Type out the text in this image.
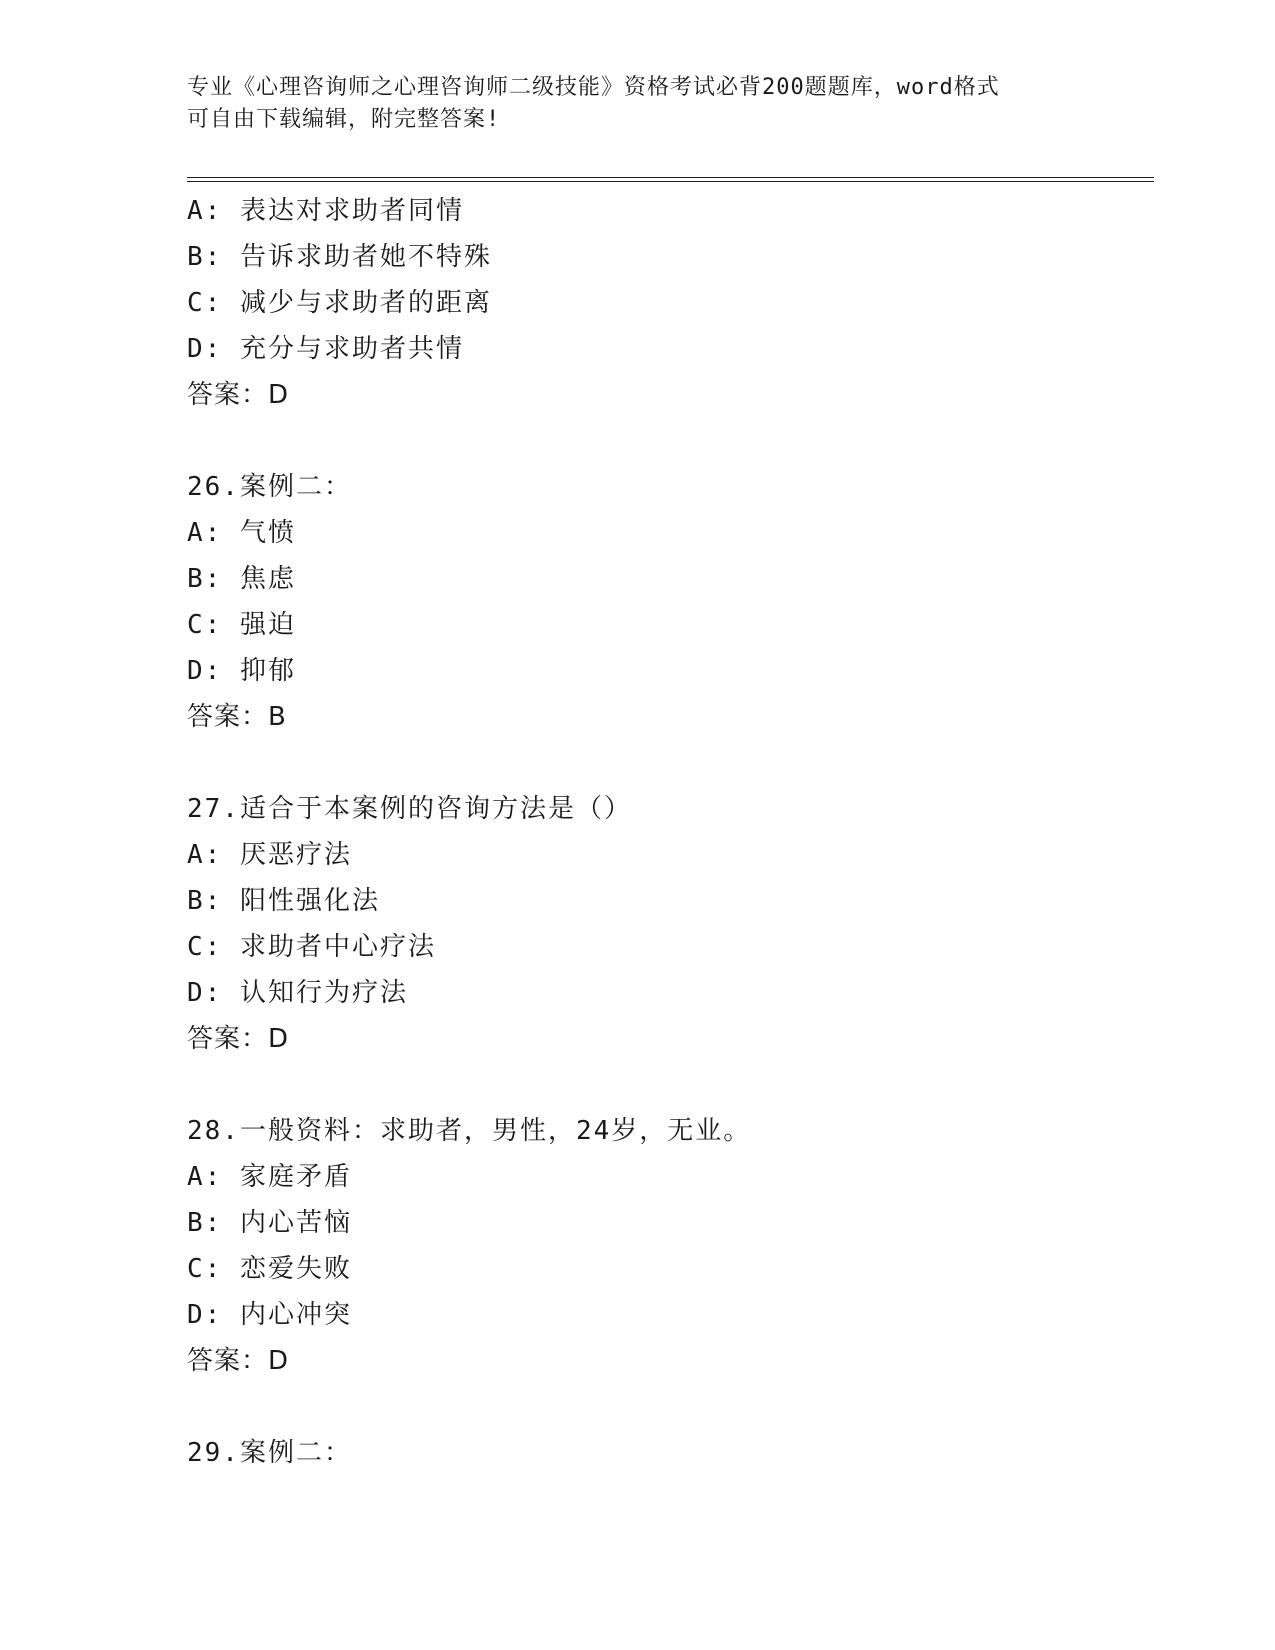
专业《心理咨询师之心理咨询师二级技能》资格考试必背200题题库，word格式
可自由下载编辑，附完整答案!
A: 表达对求助者同情
B: 告诉求助者她不特殊
C: 减少与求助者的距离
D: 充分与求助者共情
答案：D
26.案例二：
A: 气愤
B: 焦虑
C: 强迫
D: 抑郁
答案：B
27.适合于本案例的咨询方法是（）
A: 厌恶疗法
B: 阳性强化法
C: 求助者中心疗法
D: 认知行为疗法
答案：D
28.一般资料：求助者，男性，24岁，无业。
A: 家庭矛盾
B: 内心苦恼
C: 恋爱失败
D: 内心冲突
答案：D
29.案例二：
